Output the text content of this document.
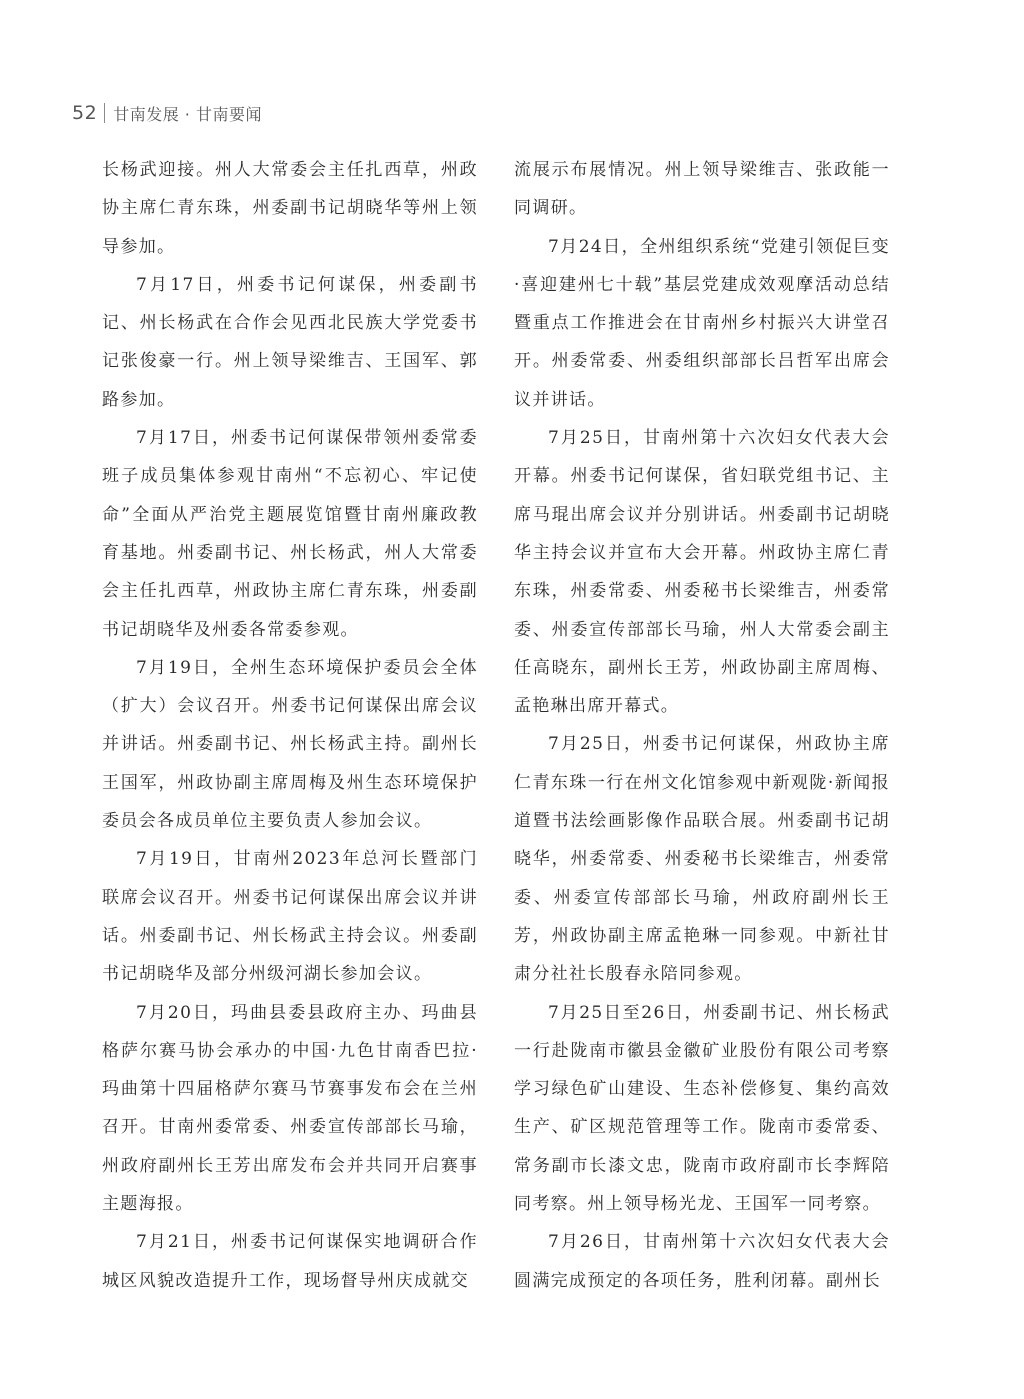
52 甘南发展 · 甘南要闻

长杨武迎接。州人大常委会主任扎西草，州政协主席仁青东珠，州委副书记胡晓华等州上领导参加。

7月17日，州委书记何谋保，州委副书记、州长杨武在合作会见西北民族大学党委书记张俊豪一行。州上领导梁维吉、王国军、郭路参加。

7月17日，州委书记何谋保带领州委常委班子成员集体参观甘南州“不忘初心、牢记使命”全面从严治党主题展览馆暨甘南州廉政教育基地。州委副书记、州长杨武，州人大常委会主任扎西草，州政协主席仁青东珠，州委副书记胡晓华及州委各常委参观。

7月19日，全州生态环境保护委员会全体（扩大）会议召开。州委书记何谋保出席会议并讲话。州委副书记、州长杨武主持。副州长王国军，州政协副主席周梅及州生态环境保护委员会各成员单位主要负责人参加会议。

7月19日，甘南州2023年总河长暨部门联席会议召开。州委书记何谋保出席会议并讲话。州委副书记、州长杨武主持会议。州委副书记胡晓华及部分州级河湖长参加会议。

7月20日，玛曲县委县政府主办、玛曲县格萨尔赛马协会承办的中国·九色甘南香巴拉·玛曲第十四届格萨尔赛马节赛事发布会在兰州召开。甘南州委常委、州委宣传部部长马瑜，州政府副州长王芳出席发布会并共同开启赛事主题海报。

7月21日，州委书记何谋保实地调研合作城区风貌改造提升工作，现场督导州庆成就交

流展示布展情况。州上领导梁维吉、张政能一同调研。

7月24日，全州组织系统“党建引领促巨变·喜迎建州七十载”基层党建成效观摩活动总结暨重点工作推进会在甘南州乡村振兴大讲堂召开。州委常委、州委组织部部长吕哲军出席会议并讲话。

7月25日，甘南州第十六次妇女代表大会开幕。州委书记何谋保，省妇联党组书记、主席马琨出席会议并分别讲话。州委副书记胡晓华主持会议并宣布大会开幕。州政协主席仁青东珠，州委常委、州委秘书长梁维吉，州委常委、州委宣传部部长马瑜，州人大常委会副主任高晓东，副州长王芳，州政协副主席周梅、孟艳琳出席开幕式。

7月25日，州委书记何谋保，州政协主席仁青东珠一行在州文化馆参观中新观陇·新闻报道暨书法绘画影像作品联合展。州委副书记胡晓华，州委常委、州委秘书长梁维吉，州委常委、州委宣传部部长马瑜，州政府副州长王芳，州政协副主席孟艳琳一同参观。中新社甘肃分社社长殷春永陪同参观。

7月25日至26日，州委副书记、州长杨武一行赴陇南市徽县金徽矿业股份有限公司考察学习绿色矿山建设、生态补偿修复、集约高效生产、矿区规范管理等工作。陇南市委常委、常务副市长漆文忠，陇南市政府副市长李辉陪同考察。州上领导杨光龙、王国军一同考察。

7月26日，甘南州第十六次妇女代表大会圆满完成预定的各项任务，胜利闭幕。副州长
